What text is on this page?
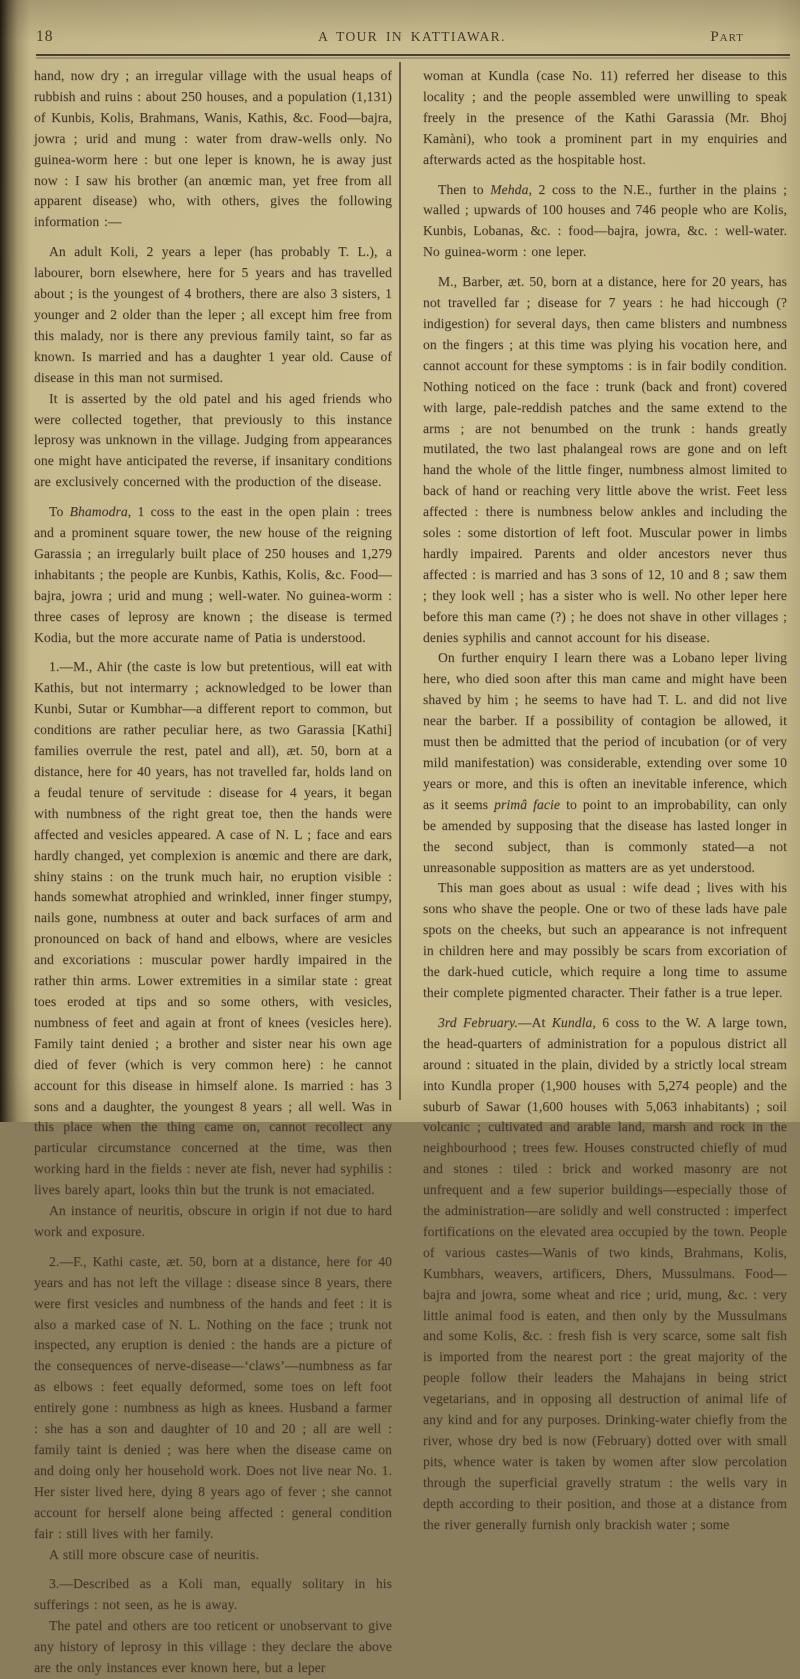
18	A TOUR IN KATTIAWAR.	Part

hand, now dry ; an irregular village with the usual heaps of rubbish and ruins : about 250 houses, and a population (1,131) of Kunbis, Kolis, Brahmans, Wanis, Kathis, &c. Food—bajra, jowra ; urid and mung : water from draw-wells only. No guinea-worm here : but one leper is known, he is away just now : I saw his brother (an anœmic man, yet free from all apparent disease) who, with others, gives the following information :—

An adult Koli, 2 years a leper (has probably T. L.), a labourer, born elsewhere, here for 5 years and has travelled about ; is the youngest of 4 brothers, there are also 3 sisters, 1 younger and 2 older than the leper ; all except him free from this malady, nor is there any previous family taint, so far as known. Is married and has a daughter 1 year old. Cause of disease in this man not surmised.

It is asserted by the old patel and his aged friends who were collected together, that previously to this instance leprosy was unknown in the village. Judging from appearances one might have anticipated the reverse, if insanitary conditions are exclusively concerned with the production of the disease.

To Bhamodra, 1 coss to the east in the open plain : trees and a prominent square tower, the new house of the reigning Garassia ; an irregularly built place of 250 houses and 1,279 inhabitants ; the people are Kunbis, Kathis, Kolis, &c. Food—bajra, jowra ; urid and mung ; well-water. No guinea-worm : three cases of leprosy are known ; the disease is termed Kodia, but the more accurate name of Patia is understood.

1.—M., Ahir (the caste is low but pretentious, will eat with Kathis, but not intermarry ; acknowledged to be lower than Kunbi, Sutar or Kumbhar—a different report to common, but conditions are rather peculiar here, as two Garassia [Kathi] families overrule the rest, patel and all), æt. 50, born at a distance, here for 40 years, has not travelled far, holds land on a feudal tenure of servitude : disease for 4 years, it began with numbness of the right great toe, then the hands were affected and vesicles appeared. A case of N. L ; face and ears hardly changed, yet complexion is anœmic and there are dark, shiny stains : on the trunk much hair, no eruption visible : hands somewhat atrophied and wrinkled, inner finger stumpy, nails gone, numbness at outer and back surfaces of arm and pronounced on back of hand and elbows, where are vesicles and excoriations : muscular power hardly impaired in the rather thin arms. Lower extremities in a similar state : great toes eroded at tips and so some others, with vesicles, numbness of feet and again at front of knees (vesicles here). Family taint denied ; a brother and sister near his own age died of fever (which is very common here) : he cannot account for this disease in himself alone. Is married : has 3 sons and a daughter, the youngest 8 years ; all well. Was in this place when the thing came on, cannot recollect any particular circumstance concerned at the time, was then working hard in the fields : never ate fish, never had syphilis : lives barely apart, looks thin but the trunk is not emaciated.

An instance of neuritis, obscure in origin if not due to hard work and exposure.

2.—F., Kathi caste, æt. 50, born at a distance, here for 40 years and has not left the village : disease since 8 years, there were first vesicles and numbness of the hands and feet : it is also a marked case of N. L. Nothing on the face ; trunk not inspected, any eruption is denied : the hands are a picture of the consequences of nerve-disease—‘claws’—numbness as far as elbows : feet equally deformed, some toes on left foot entirely gone : numbness as high as knees. Husband a farmer : she has a son and daughter of 10 and 20 ; all are well : family taint is denied ; was here when the disease came on and doing only her household work. Does not live near No. 1. Her sister lived here, dying 8 years ago of fever ; she cannot account for herself alone being affected : general condition fair : still lives with her family.

A still more obscure case of neuritis.

3.—Described as a Koli man, equally solitary in his sufferings : not seen, as he is away.

The patel and others are too reticent or unobservant to give any history of leprosy in this village : they declare the above are the only instances ever known here, but a leper

woman at Kundla (case No. 11) referred her disease to this locality ; and the people assembled were unwilling to speak freely in the presence of the Kathi Garassia (Mr. Bhoj Kamàni), who took a prominent part in my enquiries and afterwards acted as the hospitable host.

Then to Mehda, 2 coss to the N.E., further in the plains ; walled ; upwards of 100 houses and 746 people who are Kolis, Kunbis, Lobanas, &c. : food—bajra, jowra, &c. : well-water. No guinea-worm : one leper.

M., Barber, æt. 50, born at a distance, here for 20 years, has not travelled far ; disease for 7 years : he had hiccough (? indigestion) for several days, then came blisters and numbness on the fingers ; at this time was plying his vocation here, and cannot account for these symptoms : is in fair bodily condition. Nothing noticed on the face : trunk (back and front) covered with large, pale-reddish patches and the same extend to the arms ; are not benumbed on the trunk : hands greatly mutilated, the two last phalangeal rows are gone and on left hand the whole of the little finger, numbness almost limited to back of hand or reaching very little above the wrist. Feet less affected : there is numbness below ankles and including the soles : some distortion of left foot. Muscular power in limbs hardly impaired. Parents and older ancestors never thus affected : is married and has 3 sons of 12, 10 and 8 ; saw them ; they look well ; has a sister who is well. No other leper here before this man came (?) ; he does not shave in other villages ; denies syphilis and cannot account for his disease.

On further enquiry I learn there was a Lobano leper living here, who died soon after this man came and might have been shaved by him ; he seems to have had T. L. and did not live near the barber. If a possibility of contagion be allowed, it must then be admitted that the period of incubation (or of very mild manifestation) was considerable, extending over some 10 years or more, and this is often an inevitable inference, which as it seems primâ facie to point to an improbability, can only be amended by supposing that the disease has lasted longer in the second subject, than is commonly stated—a not unreasonable supposition as matters are as yet understood.

This man goes about as usual : wife dead ; lives with his sons who shave the people. One or two of these lads have pale spots on the cheeks, but such an appearance is not infrequent in children here and may possibly be scars from excoriation of the dark-hued cuticle, which require a long time to assume their complete pigmented character. Their father is a true leper.

3rd February.—At Kundla, 6 coss to the W. A large town, the head-quarters of administration for a populous district all around : situated in the plain, divided by a strictly local stream into Kundla proper (1,900 houses with 5,274 people) and the suburb of Sawar (1,600 houses with 5,063 inhabitants) ; soil volcanic ; cultivated and arable land, marsh and rock in the neighbourhood ; trees few. Houses constructed chiefly of mud and stones : tiled : brick and worked masonry are not unfrequent and a few superior buildings—especially those of the administration—are solidly and well constructed : imperfect fortifications on the elevated area occupied by the town. People of various castes—Wanis of two kinds, Brahmans, Kolis, Kumbhars, weavers, artificers, Dhers, Mussulmans. Food—bajra and jowra, some wheat and rice ; urid, mung, &c. : very little animal food is eaten, and then only by the Mussulmans and some Kolis, &c. : fresh fish is very scarce, some salt fish is imported from the nearest port : the great majority of the people follow their leaders the Mahajans in being strict vegetarians, and in opposing all destruction of animal life of any kind and for any purposes. Drinking-water chiefly from the river, whose dry bed is now (February) dotted over with small pits, whence water is taken by women after slow percolation through the superficial gravelly stratum : the wells vary in depth according to their position, and those at a distance from the river generally furnish only brackish water ; some
